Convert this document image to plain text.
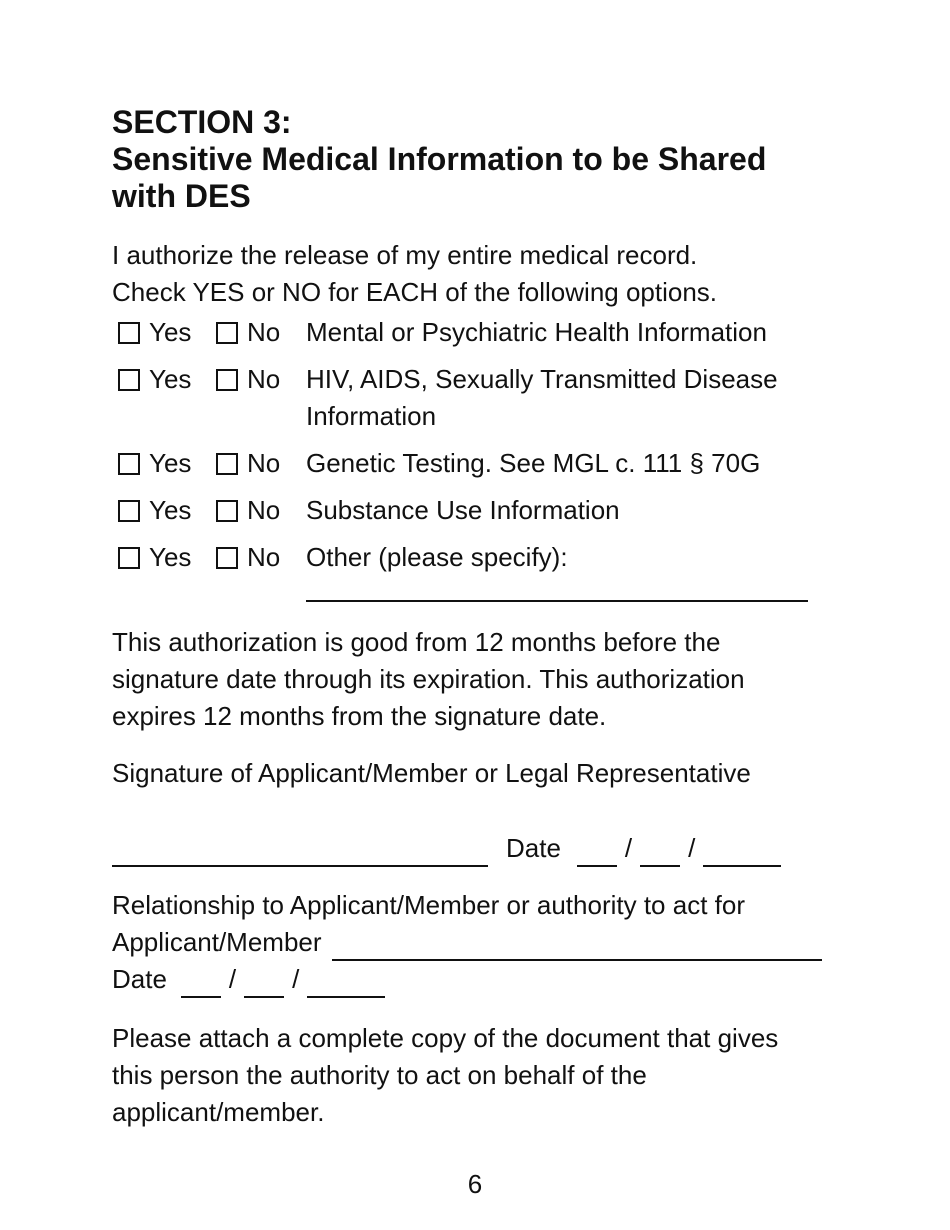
SECTION 3:
Sensitive Medical Information to be Shared
with DES
I authorize the release of my entire medical record.
Check YES or NO for EACH of the following options.
Yes No Mental or Psychiatric Health Information
Yes No HIV, AIDS, Sexually Transmitted Disease Information
Yes No Genetic Testing. See MGL c. 111 § 70G
Yes No Substance Use Information
Yes No Other (please specify):
This authorization is good from 12 months before the signature date through its expiration. This authorization expires 12 months from the signature date.
Signature of Applicant/Member or Legal Representative
Date / /
Relationship to Applicant/Member or authority to act for
Applicant/Member
Date / /
Please attach a complete copy of the document that gives this person the authority to act on behalf of the applicant/member.
6
